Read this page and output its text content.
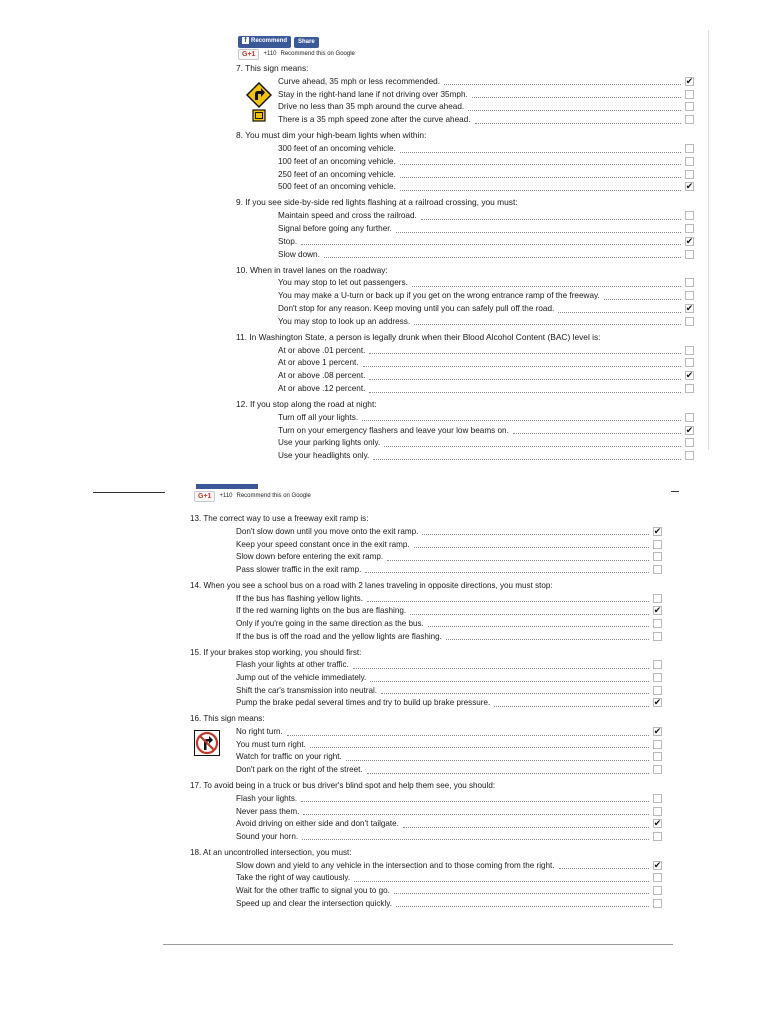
f Recommend	Share
G+1	+110 Recommend this on Google
7. This sign means:
Curve ahead, 35 mph or less recommended.
✔
Stay in the right-hand lane if not driving over 35mph.
Drive no less than 35 mph around the curve ahead.
There is a 35 mph speed zone after the curve ahead.
8. You must dim your high-beam lights when within:
300 feet of an oncoming vehicle.
100 feet of an oncoming vehicle.
250 feet of an oncoming vehicle.
500 feet of an oncoming vehicle.
✔
9. If you see side-by-side red lights flashing at a railroad crossing, you must:
Maintain speed and cross the railroad.
Signal before going any further.
Stop.
✔
Slow down.
10. When in travel lanes on the roadway:
You may stop to let out passengers.
You may make a U-turn or back up if you get on the wrong entrance ramp of the freeway.
Don't stop for any reason. Keep moving until you can safely pull off the road.
✔
You may stop to look up an address.
11. In Washington State, a person is legally drunk when their Blood Alcohol Content (BAC) level is:
At or above .01 percent.
At or above 1 percent.
At or above .08 percent.
✔
At or above .12 percent.
12. If you stop along the road at night:
Turn off all your lights.
Turn on your emergency flashers and leave your low beams on.
✔
Use your parking lights only.
Use your headlights only.
G+1	+110 Recommend this on Google
13. The correct way to use a freeway exit ramp is:
Don't slow down until you move onto the exit ramp.
✔
Keep your speed constant once in the exit ramp.
Slow down before entering the exit ramp.
Pass slower traffic in the exit ramp.
14. When you see a school bus on a road with 2 lanes traveling in opposite directions, you must stop:
If the bus has flashing yellow lights.
If the red warning lights on the bus are flashing.
✔
Only if you're going in the same direction as the bus.
If the bus is off the road and the yellow lights are flashing.
15. If your brakes stop working, you should first:
Flash your lights at other traffic.
Jump out of the vehicle immediately.
Shift the car's transmission into neutral.
Pump the brake pedal several times and try to build up brake pressure.
✔
16. This sign means:
No right turn.
✔
You must turn right.
Watch for traffic on your right.
Don't park on the right of the street.
17. To avoid being in a truck or bus driver's blind spot and help them see, you should:
Flash your lights.
Never pass them.
Avoid driving on either side and don't tailgate.
✔
Sound your horn.
18. At an uncontrolled intersection, you must:
Slow down and yield to any vehicle in the intersection and to those coming from the right.
✔
Take the right of way cautiously.
Wait for the other traffic to signal you to go.
Speed up and clear the intersection quickly.
